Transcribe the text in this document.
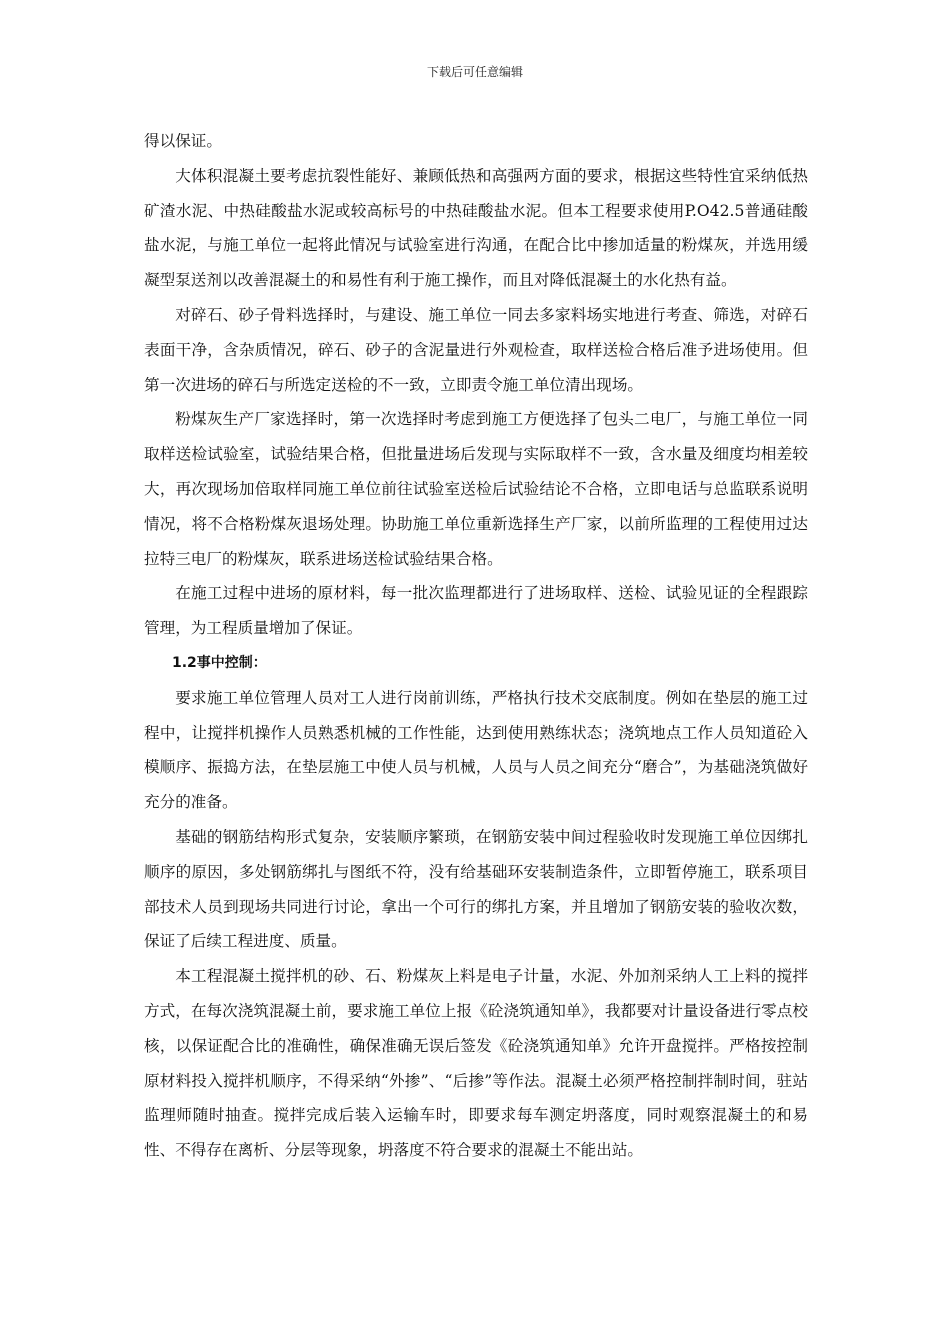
下载后可任意编辑

得以保证。

大体积混凝土要考虑抗裂性能好、兼顾低热和高强两方面的要求，根据这些特性宜采纳低热矿渣水泥、中热硅酸盐水泥或较高标号的中热硅酸盐水泥。但本工程要求使用P.O42.5普通硅酸盐水泥，与施工单位一起将此情况与试验室进行沟通，在配合比中掺加适量的粉煤灰，并选用缓凝型泵送剂以改善混凝土的和易性有利于施工操作，而且对降低混凝土的水化热有益。

对碎石、砂子骨料选择时，与建设、施工单位一同去多家料场实地进行考查、筛选，对碎石表面干净，含杂质情况，碎石、砂子的含泥量进行外观检查，取样送检合格后准予进场使用。但第一次进场的碎石与所选定送检的不一致，立即责令施工单位清出现场。

粉煤灰生产厂家选择时，第一次选择时考虑到施工方便选择了包头二电厂，与施工单位一同取样送检试验室，试验结果合格，但批量进场后发现与实际取样不一致，含水量及细度均相差较大，再次现场加倍取样同施工单位前往试验室送检后试验结论不合格，立即电话与总监联系说明情况，将不合格粉煤灰退场处理。协助施工单位重新选择生产厂家，以前所监理的工程使用过达拉特三电厂的粉煤灰，联系进场送检试验结果合格。

在施工过程中进场的原材料，每一批次监理都进行了进场取样、送检、试验见证的全程跟踪管理，为工程质量增加了保证。

1.2事中控制：

要求施工单位管理人员对工人进行岗前训练，严格执行技术交底制度。例如在垫层的施工过程中，让搅拌机操作人员熟悉机械的工作性能，达到使用熟练状态；浇筑地点工作人员知道砼入模顺序、振捣方法，在垫层施工中使人员与机械，人员与人员之间充分“磨合”，为基础浇筑做好充分的准备。

基础的钢筋结构形式复杂，安装顺序繁琐，在钢筋安装中间过程验收时发现施工单位因绑扎顺序的原因，多处钢筋绑扎与图纸不符，没有给基础环安装制造条件，立即暂停施工，联系项目部技术人员到现场共同进行讨论，拿出一个可行的绑扎方案，并且增加了钢筋安装的验收次数，保证了后续工程进度、质量。

本工程混凝土搅拌机的砂、石、粉煤灰上料是电子计量，水泥、外加剂采纳人工上料的搅拌方式，在每次浇筑混凝土前，要求施工单位上报《砼浇筑通知单》，我都要对计量设备进行零点校核，以保证配合比的准确性，确保准确无误后签发《砼浇筑通知单》允许开盘搅拌。严格按控制原材料投入搅拌机顺序，不得采纳“外掺”、“后掺”等作法。混凝土必须严格控制拌制时间，驻站监理师随时抽查。搅拌完成后装入运输车时，即要求每车测定坍落度，同时观察混凝土的和易性、不得存在离析、分层等现象，坍落度不符合要求的混凝土不能出站。
